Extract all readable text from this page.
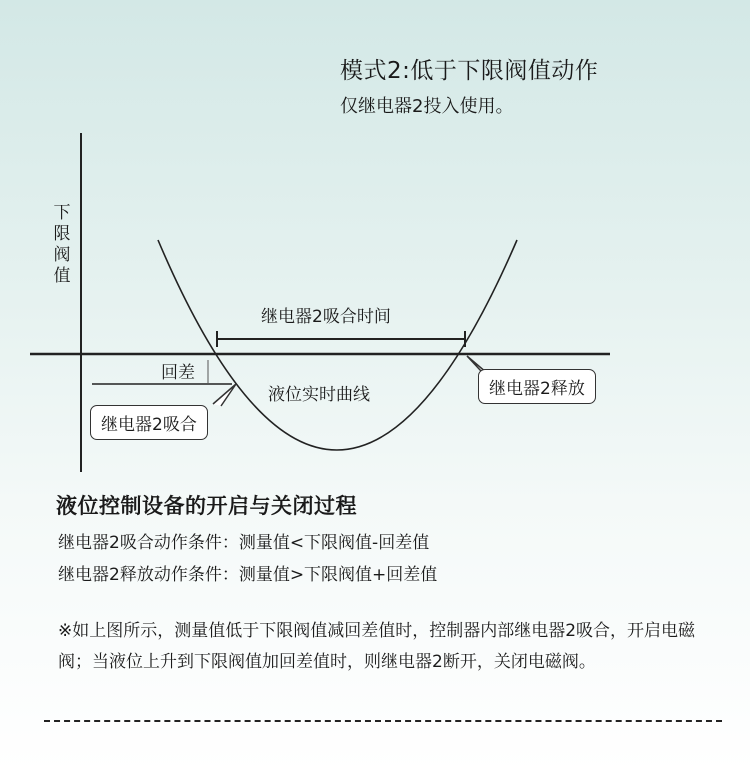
模式2:低于下限阀值动作
仅继电器2投入使用。
下限阀值
继电器2吸合时间
回差
液位实时曲线
继电器2吸合
继电器2释放
液位控制设备的开启与关闭过程
继电器2吸合动作条件：测量值<下限阀值-回差值
继电器2释放动作条件：测量值>下限阀值+回差值
※如上图所示，测量值低于下限阀值减回差值时，控制器内部继电器2吸合，开启电磁阀；当液位上升到下限阀值加回差值时，则继电器2断开，关闭电磁阀。
